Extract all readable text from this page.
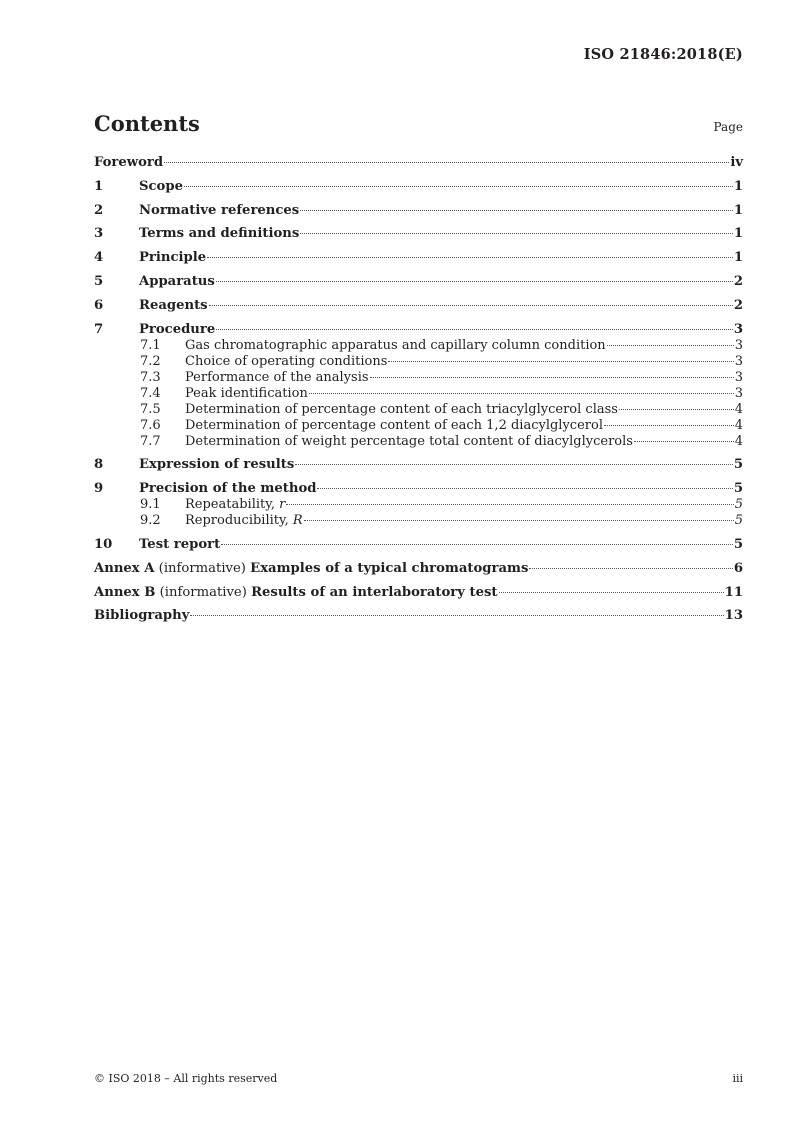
ISO 21846:2018(E)
Contents	Page
Foreword	iv
1	Scope	1
2	Normative references	1
3	Terms and definitions	1
4	Principle	1
5	Apparatus	2
6	Reagents	2
7	Procedure	3
7.1	Gas chromatographic apparatus and capillary column condition	3
7.2	Choice of operating conditions	3
7.3	Performance of the analysis	3
7.4	Peak identification	3
7.5	Determination of percentage content of each triacylglycerol class	4
7.6	Determination of percentage content of each 1,2 diacylglycerol	4
7.7	Determination of weight percentage total content of diacylglycerols	4
8	Expression of results	5
9	Precision of the method	5
9.1	Repeatability, r	5
9.2	Reproducibility, R	5
10	Test report	5
Annex A (informative) Examples of a typical chromatograms	6
Annex B (informative) Results of an interlaboratory test	11
Bibliography	13
© ISO 2018 – All rights reserved	iii
